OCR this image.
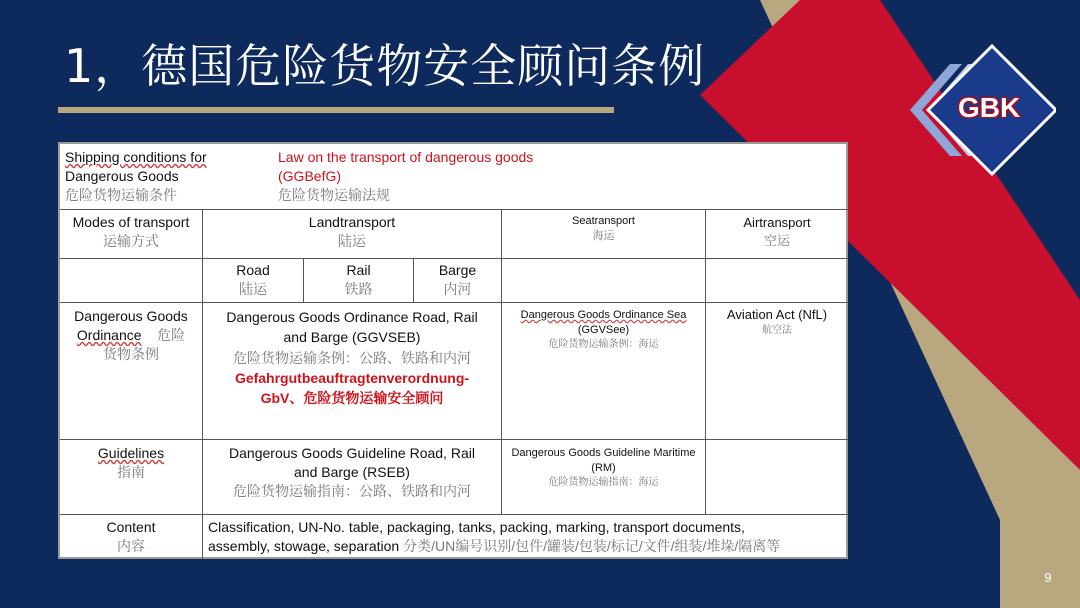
1，德国危险货物安全顾问条例
GBK
Shipping conditions for
Dangerous Goods
危险货物运输条件
Law on the transport of dangerous goods
(GGBefG)
危险货物运输法规
Modes of transport
运输方式
Landtransport
陆运
Seatransport
海运
Airtransport
空运
Road
陆运
Rail
铁路
Barge
内河
Dangerous Goods
Ordinance 危险
货物条例
Dangerous Goods Ordinance Road, Rail
and Barge (GGVSEB)
危险货物运输条例：公路、铁路和内河
Gefahrgutbeauftragtenverordnung-
GbV、危险货物运输安全顾问
Dangerous Goods Ordinance Sea
(GGVSee)
危险货物运输条例：海运
Aviation Act (NfL)
航空法
Guidelines
指南
Dangerous Goods Guideline Road, Rail
and Barge (RSEB)
危险货物运输指南：公路、铁路和内河
Dangerous Goods Guideline Maritime
(RM)
危险货物运输指南：海运
Content
内容
Classification, UN-No. table, packaging, tanks, packing, marking, transport documents,
assembly, stowage, separation 分类/UN编号识别/包件/罐装/包装/标记/文件/组装/堆垛/隔离等
9
